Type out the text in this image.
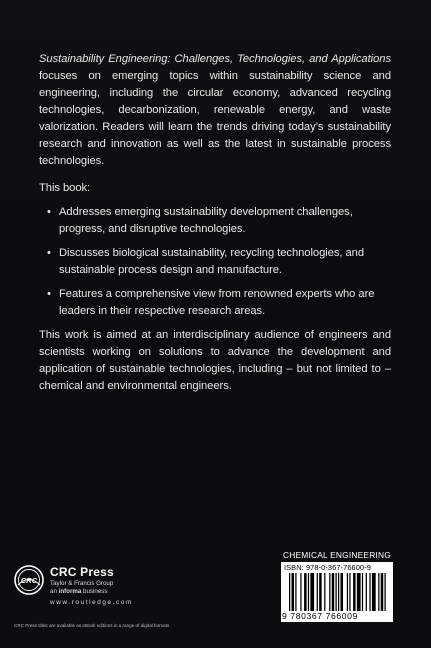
Sustainability Engineering: Challenges, Technologies, and Applications focuses on emerging topics within sustainability science and engineering, including the circular economy, advanced recycling technologies, decarbonization, renewable energy, and waste valorization. Readers will learn the trends driving today’s sustainability research and innovation as well as the latest in sustainable process technologies.

This book:

• Addresses emerging sustainability development challenges, progress, and disruptive technologies.
• Discusses biological sustainability, recycling technologies, and sustainable process design and manufacture.
• Features a comprehensive view from renowned experts who are leaders in their respective research areas.

This work is aimed at an interdisciplinary audience of engineers and scientists working on solutions to advance the development and application of sustainable technologies, including – but not limited to – chemical and environmental engineers.

CRC
CRC Press
Taylor & Francis Group
an informa business
www.routledge.com
CRC Press titles are available as eBook editions in a range of digital formats
CHEMICAL ENGINEERING
ISBN: 978-0-367-76600-9
9 780367 766009
